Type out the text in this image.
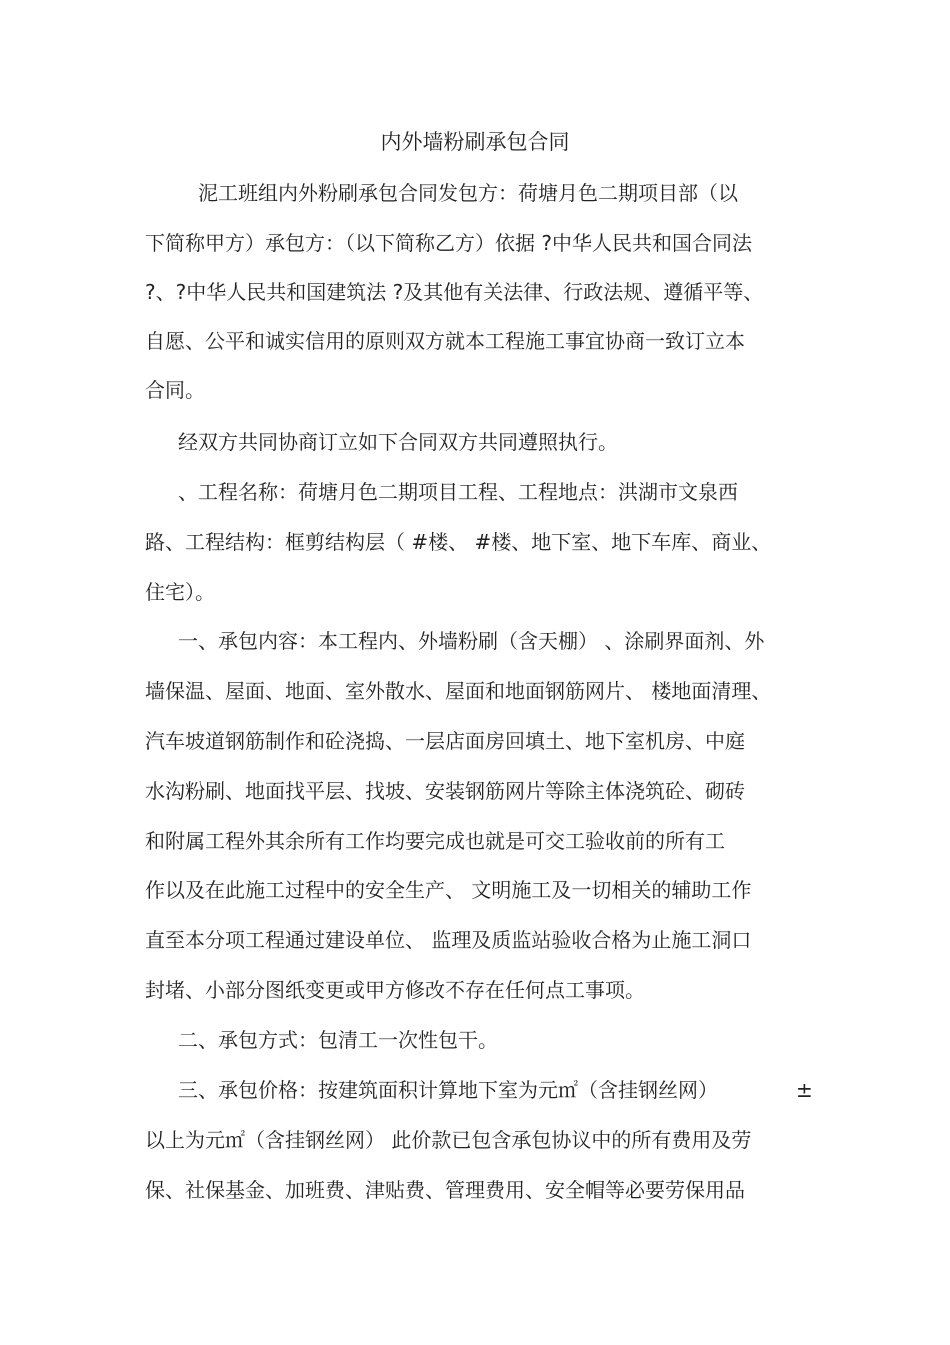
内外墙粉刷承包合同
泥工班组内外粉刷承包合同发包方：荷塘月色二期项目部（以
下简称甲方）承包方：（以下简称乙方）依据 ?中华人民共和国合同法
?、?中华人民共和国建筑法 ?及其他有关法律、行政法规、遵循平等、
自愿、公平和诚实信用的原则双方就本工程施工事宜协商一致订立本
合同。
经双方共同协商订立如下合同双方共同遵照执行。
、工程名称：荷塘月色二期项目工程、工程地点：洪湖市文泉西
路、工程结构：框剪结构层（ #楼、 #楼、地下室、地下车库、商业、
住宅）。
一、承包内容：本工程内、外墙粉刷（含天棚） 、涂刷界面剂、外
墙保温、屋面、地面、室外散水、屋面和地面钢筋网片、 楼地面清理、
汽车坡道钢筋制作和砼浇捣、一层店面房回填土、地下室机房、中庭
水沟粉刷、地面找平层、找坡、安装钢筋网片等除主体浇筑砼、砌砖
和附属工程外其余所有工作均要完成也就是可交工验收前的所有工
作以及在此施工过程中的安全生产、 文明施工及一切相关的辅助工作
直至本分项工程通过建设单位、 监理及质监站验收合格为止施工洞口
封堵、小部分图纸变更或甲方修改不存在任何点工事项。
二、承包方式：包清工一次性包干。
三、承包价格：按建筑面积计算地下室为元㎡（含挂钢丝网）	±
以上为元㎡（含挂钢丝网） 此价款已包含承包协议中的所有费用及劳
保、社保基金、加班费、津贴费、管理费用、安全帽等必要劳保用品
